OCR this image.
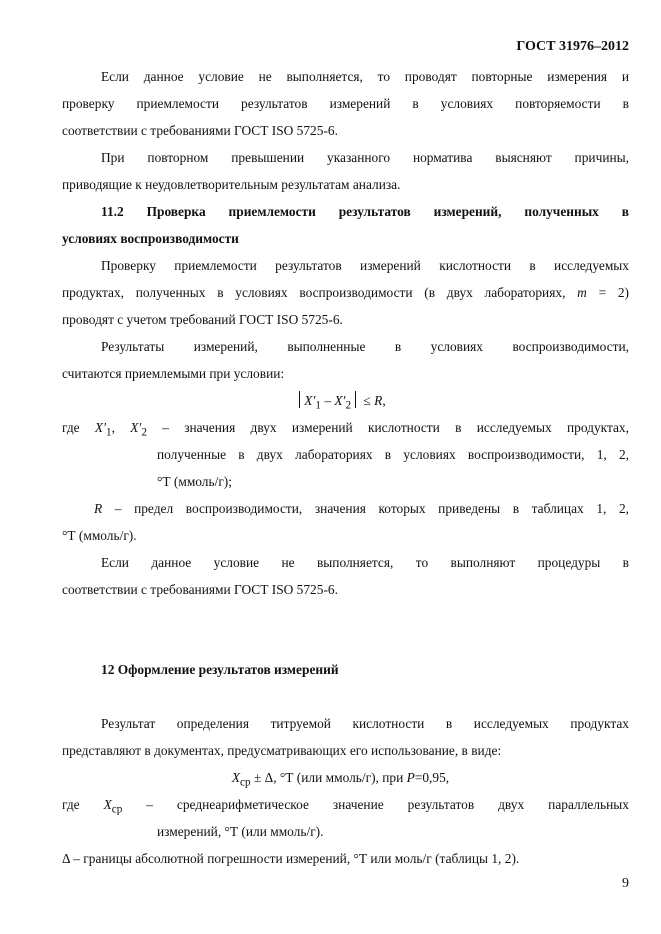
ГОСТ 31976–2012
Если данное условие не выполняется, то проводят повторные измерения и
проверку приемлемости результатов измерений в условиях повторяемости в
соответствии с требованиями ГОСТ ISO 5725-6.
При повторном превышении указанного норматива выясняют причины,
приводящие к неудовлетворительным результатам анализа.
11.2 Проверка приемлемости результатов измерений, полученных в
условиях воспроизводимости
Проверку приемлемости результатов измерений кислотности в исследуемых
продуктах, полученных в условиях воспроизводимости (в двух лабораториях, m = 2)
проводят с учетом требований ГОСТ ISO 5725-6.
Результаты измерений, выполненные в условиях воспроизводимости,
считаются приемлемыми при условии:
$X'_1 - X'_2 \le R$,
где $X'_1$, $X'_2$ – значения двух измерений кислотности в исследуемых продуктах,
полученные в двух лабораториях в условиях воспроизводимости, 1, 2,
°Т (ммоль/г);
R – предел воспроизводимости, значения которых приведены в таблицах 1, 2,
°Т (ммоль/г).
Если данное условие не выполняется, то выполняют процедуры в
соответствии с требованиями ГОСТ ISO 5725-6.
12 Оформление результатов измерений
Результат определения титруемой кислотности в исследуемых продуктах
представляют в документах, предусматривающих его использование, в виде:
$X_{ср} \pm \Delta$, °Т (или ммоль/г), при P=0,95,
где $X_{ср}$ – среднеарифметическое значение результатов двух параллельных
измерений, °Т (или ммоль/г).
Δ – границы абсолютной погрешности измерений, °Т или моль/г (таблицы 1, 2).
9
